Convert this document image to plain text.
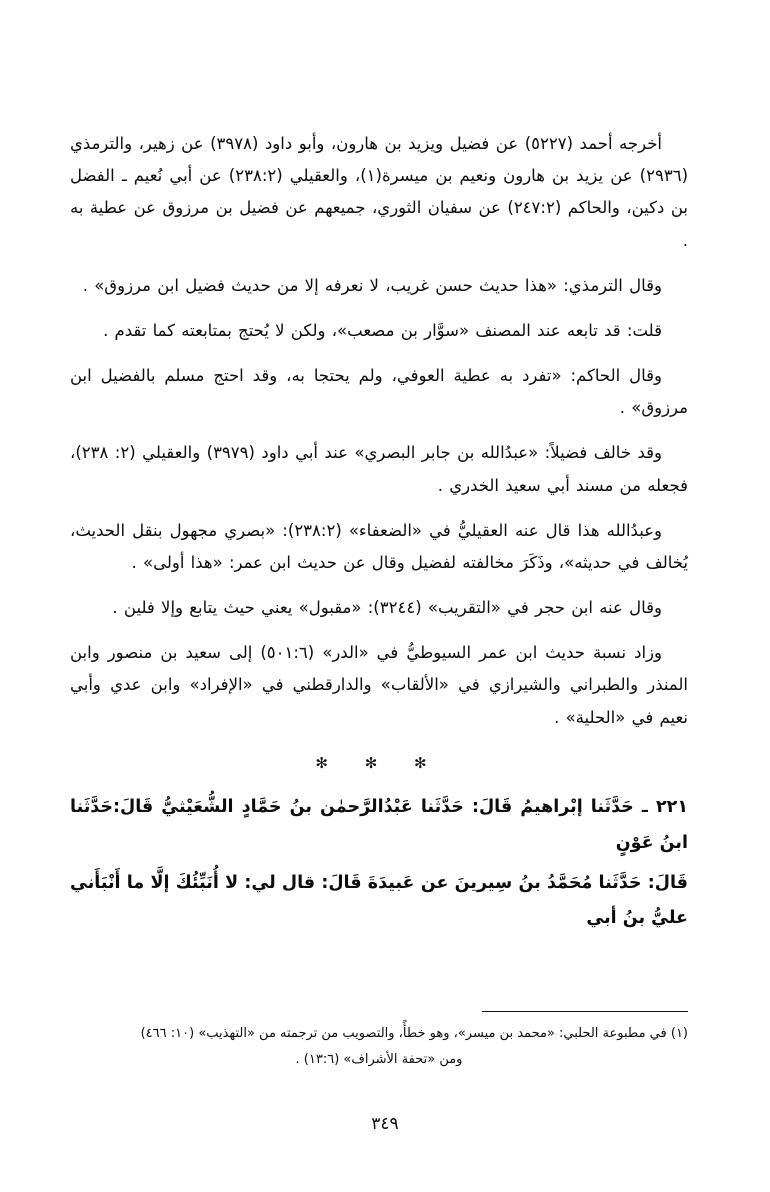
أخرجه أحمد (٥٢٢٧) عن فضيل ويزيد بن هارون، وأبو داود (٣٩٧٨) عن زهير، والترمذي (٢٩٣٦) عن يزيد بن هارون ونعيم بن ميسرة(١)، والعقيلي (٢٣٨:٢) عن أبي نُعيم ـ الفضل بن دكين، والحاكم (٢٤٧:٢) عن سفيان الثوري، جميعهم عن فضيل بن مرزوق عن عطية به .

وقال الترمذي: «هذا حديث حسن غريب، لا نعرفه إلا من حديث فضيل ابن مرزوق» .

قلت: قد تابعه عند المصنف «سوَّار بن مصعب»، ولكن لا يُحتج بمتابعته كما تقدم .

وقال الحاكم: «تفرد به عطية العوفي، ولم يحتجا به، وقد احتج مسلم بالفضيل ابن مرزوق» .

وقد خالف فضيلاً: «عبدُالله بن جابر البصري» عند أبي داود (٣٩٧٩) والعقيلي (٢: ٢٣٨)، فجعله من مسند أبي سعيد الخدري .

وعبدُالله هذا قال عنه العقيليُّ في «الضعفاء» (٢٣٨:٢): «بصري مجهول بنقل الحديث، يُخالف في حديثه»، وذَكَرَ مخالفته لفضيل وقال عن حديث ابن عمر: «هذا أولى» .

وقال عنه ابن حجر في «التقريب» (٣٢٤٤): «مقبول» يعني حيث يتابع وإلا فلين .

وزاد نسبة حديث ابن عمر السيوطيُّ في «الدر» (٥٠١:٦) إلى سعيد بن منصور وابن المنذر والطبراني والشيرازي في «الألقاب» والدارقطني في «الإفراد» وابن عدي وأبي نعيم في «الحلية» .

✻ ✻ ✻

٢٢١ ـ حَدَّثَنا إبْراهيمُ قَالَ: حَدَّثَنا عَبْدُالرَّحمٰن بنُ حَمَّادٍ الشُّعَيْثيُّ قَالَ:حَدَّثَنا ابنُ عَوْنٍ

قَالَ: حَدَّثَنا مُحَمَّدُ بنُ سِيرينَ عن عَبيدَةَ قَالَ: قال لي: لا أُنَبِّئُكَ إلَّا ما أَنْبَأَني عليُّ بنُ أبي

(١) في مطبوعة الحلبي: «محمد بن ميسر»، وهو خطأً، والتصويب من ترجمته من «التهذيب» (١٠: ٤٦٦)

ومن «تحفة الأشراف» (١٣:٦) .

٣٤٩
